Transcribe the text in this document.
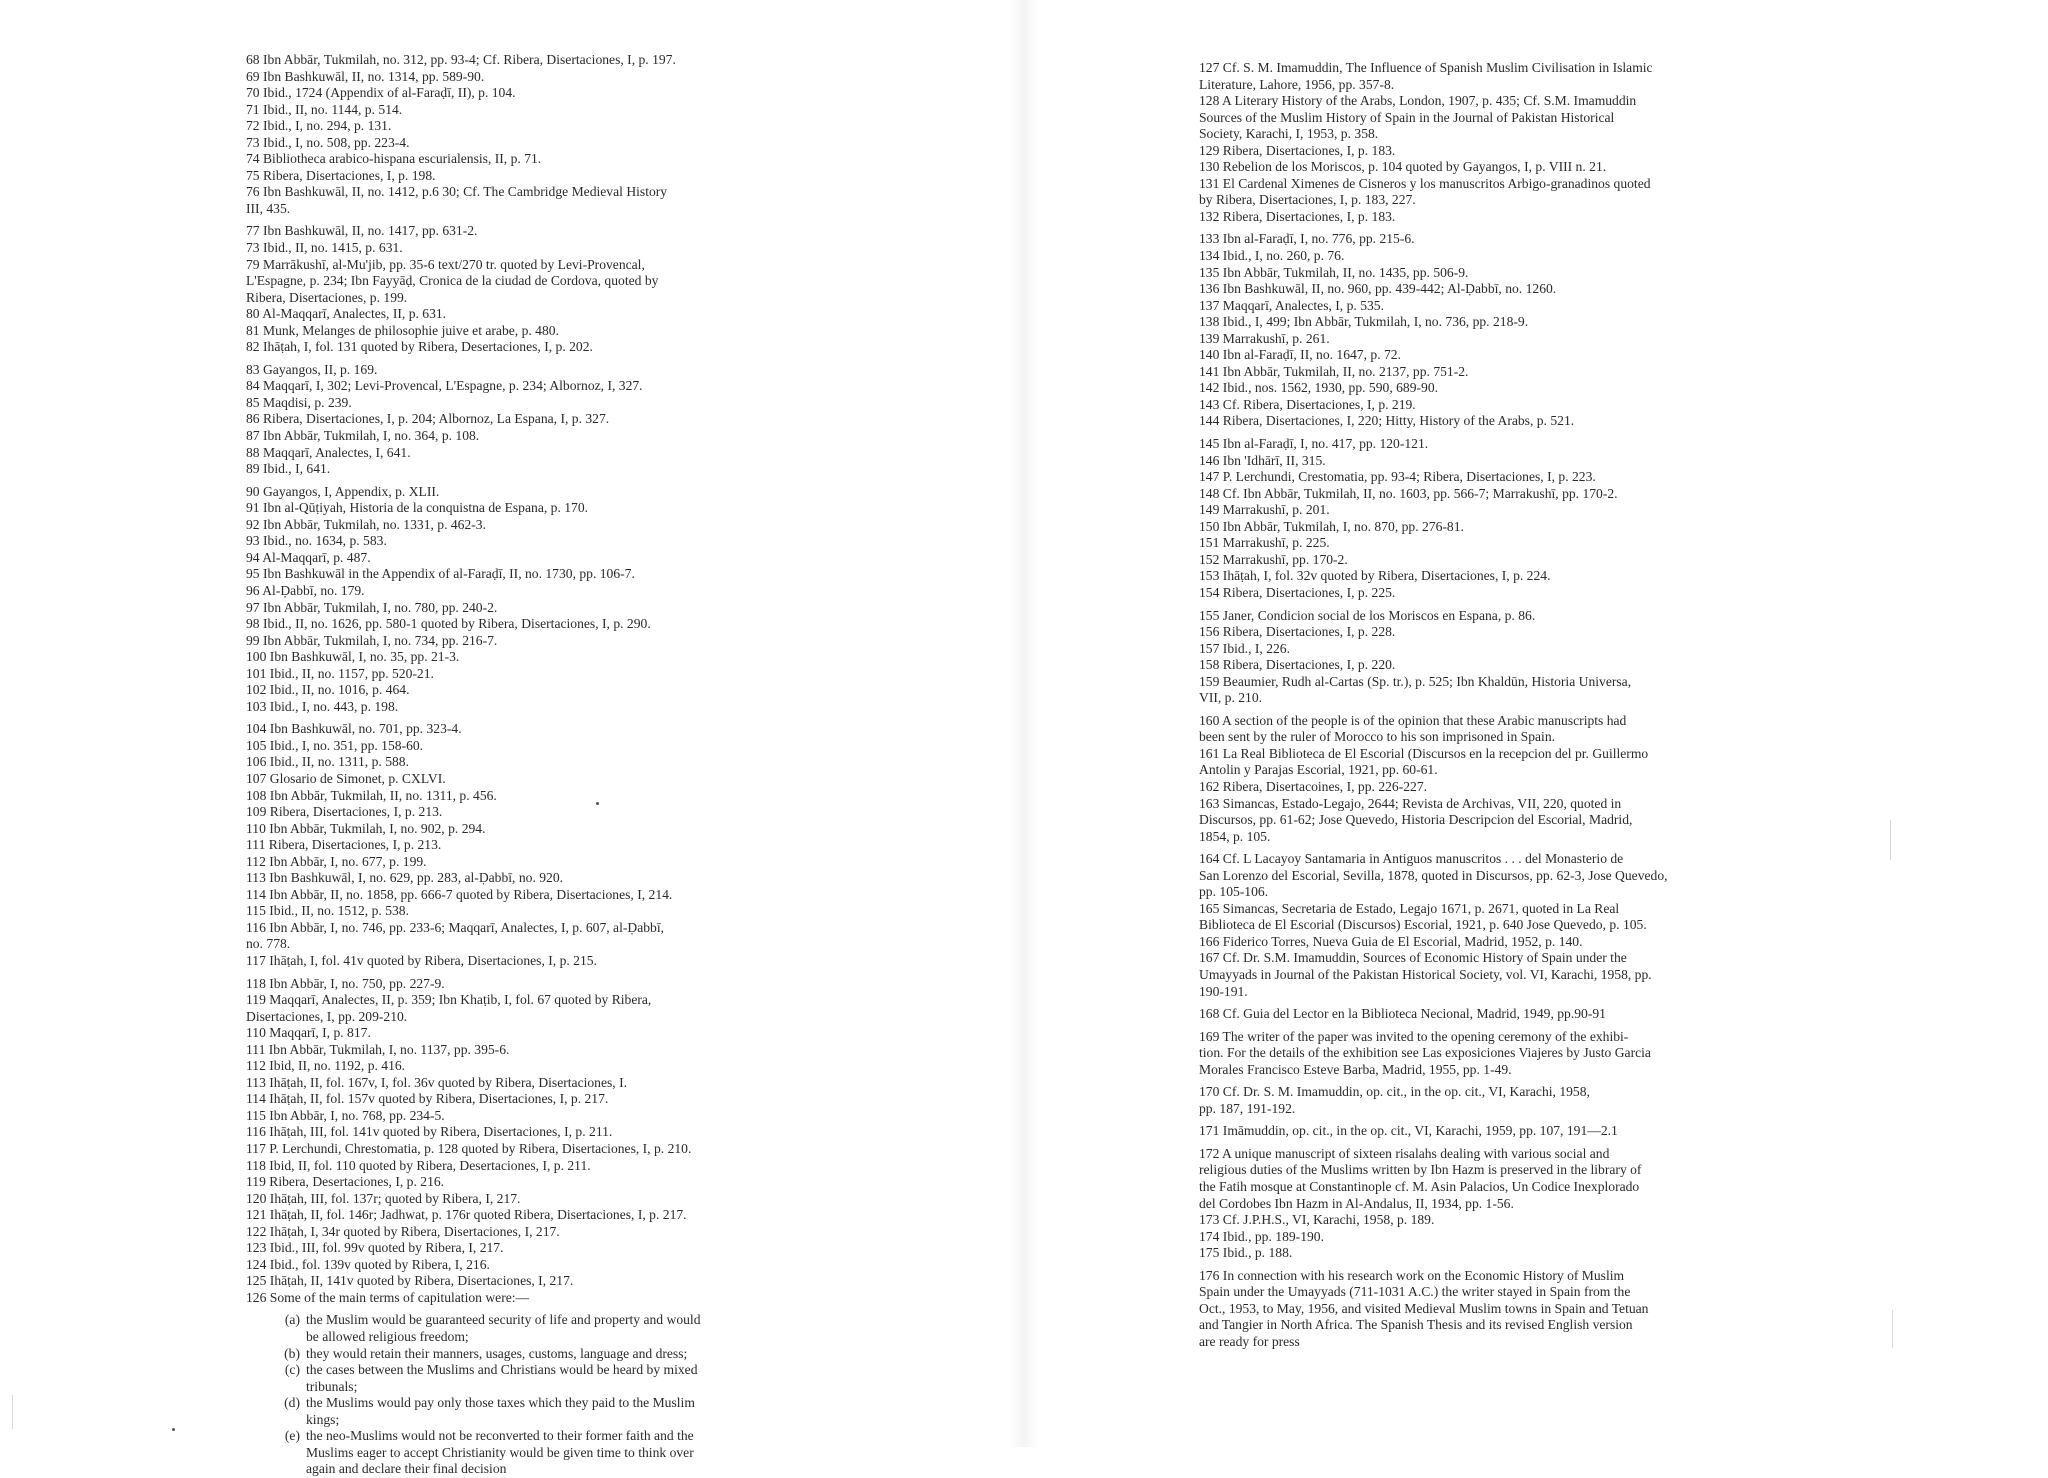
68 Ibn Abbār, Tukmilah, no. 312, pp. 93-4; Cf. Ribera, Disertaciones, I, p. 197.
69 Ibn Bashkuwāl, II, no. 1314, pp. 589-90.
70 Ibid., 1724 (Appendix of al-Faraḍī, II), p. 104.
71 Ibid., II, no. 1144, p. 514.
72 Ibid., I, no. 294, p. 131.
73 Ibid., I, no. 508, pp. 223-4.
74 Bibliotheca arabico-hispana escurialensis, II, p. 71.
75 Ribera, Disertaciones, I, p. 198.
76 Ibn Bashkuwāl, II, no. 1412, p.6 30; Cf. The Cambridge Medieval History
III, 435.
77 Ibn Bashkuwāl, II, no. 1417, pp. 631-2.
73 Ibid., II, no. 1415, p. 631.
79 Marrākushī, al-Mu'jib, pp. 35-6 text/270 tr. quoted by Levi-Provencal,
L'Espagne, p. 234; Ibn Fayyāḍ, Cronica de la ciudad de Cordova, quoted by
Ribera, Disertaciones, p. 199.
80 Al-Maqqarī, Analectes, II, p. 631.
81 Munk, Melanges de philosophie juive et arabe, p. 480.
82 Ihāṭah, I, fol. 131 quoted by Ribera, Desertaciones, I, p. 202.
83 Gayangos, II, p. 169.
84 Maqqarī, I, 302; Levi-Provencal, L'Espagne, p. 234; Albornoz, I, 327.
85 Maqdisi, p. 239.
86 Ribera, Disertaciones, I, p. 204; Albornoz, La Espana, I, p. 327.
87 Ibn Abbār, Tukmilah, I, no. 364, p. 108.
88 Maqqarī, Analectes, I, 641.
89 Ibid., I, 641.
90 Gayangos, I, Appendix, p. XLII.
91 Ibn al-Qūṭiyah, Historia de la conquistna de Espana, p. 170.
92 Ibn Abbār, Tukmilah, no. 1331, p. 462-3.
93 Ibid., no. 1634, p. 583.
94 Al-Maqqarī, p. 487.
95 Ibn Bashkuwāl in the Appendix of al-Faraḍī, II, no. 1730, pp. 106-7.
96 Al-Ḍabbī, no. 179.
97 Ibn Abbār, Tukmilah, I, no. 780, pp. 240-2.
98 Ibid., II, no. 1626, pp. 580-1 quoted by Ribera, Disertaciones, I, p. 290.
99 Ibn Abbār, Tukmilah, I, no. 734, pp. 216-7.
100 Ibn Bashkuwāl, I, no. 35, pp. 21-3.
101 Ibid., II, no. 1157, pp. 520-21.
102 Ibid., II, no. 1016, p. 464.
103 Ibid., I, no. 443, p. 198.
104 Ibn Bashkuwāl, no. 701, pp. 323-4.
105 Ibid., I, no. 351, pp. 158-60.
106 Ibid., II, no. 1311, p. 588.
107 Glosario de Simonet, p. CXLVI.
108 Ibn Abbār, Tukmilah, II, no. 1311, p. 456.
109 Ribera, Disertaciones, I, p. 213.
110 Ibn Abbār, Tukmilah, I, no. 902, p. 294.
111 Ribera, Disertaciones, I, p. 213.
112 Ibn Abbār, I, no. 677, p. 199.
113 Ibn Bashkuwāl, I, no. 629, pp. 283, al-Ḍabbī, no. 920.
114 Ibn Abbār, II, no. 1858, pp. 666-7 quoted by Ribera, Disertaciones, I, 214.
115 Ibid., II, no. 1512, p. 538.
116 Ibn Abbār, I, no. 746, pp. 233-6; Maqqarī, Analectes, I, p. 607, al-Ḍabbī,
no. 778.
117 Ihāṭah, I, fol. 41v quoted by Ribera, Disertaciones, I, p. 215.
118 Ibn Abbār, I, no. 750, pp. 227-9.
119 Maqqarī, Analectes, II, p. 359; Ibn Khaṭib, I, fol. 67 quoted by Ribera,
Disertaciones, I, pp. 209-210.
110 Maqqarī, I, p. 817.
111 Ibn Abbār, Tukmilah, I, no. 1137, pp. 395-6.
112 Ibid, II, no. 1192, p. 416.
113 Ihāṭah, II, fol. 167v, I, fol. 36v quoted by Ribera, Disertaciones, I.
114 Ihāṭah, II, fol. 157v quoted by Ribera, Disertaciones, I, p. 217.
115 Ibn Abbār, I, no. 768, pp. 234-5.
116 Ihāṭah, III, fol. 141v quoted by Ribera, Disertaciones, I, p. 211.
117 P. Lerchundi, Chrestomatia, p. 128 quoted by Ribera, Disertaciones, I, p. 210.
118 Ibid, II, fol. 110 quoted by Ribera, Desertaciones, I, p. 211.
119 Ribera, Desertaciones, I, p. 216.
120 Ihāṭah, III, fol. 137r; quoted by Ribera, I, 217.
121 Ihāṭah, II, fol. 146r; Jadhwat, p. 176r quoted Ribera, Disertaciones, I, p. 217.
122 Ihāṭah, I, 34r quoted by Ribera, Disertaciones, I, 217.
123 Ibid., III, fol. 99v quoted by Ribera, I, 217.
124 Ibid., fol. 139v quoted by Ribera, I, 216.
125 Ihāṭah, II, 141v quoted by Ribera, Disertaciones, I, 217.
126 Some of the main terms of capitulation were:—
(a) the Muslim would be guaranteed security of life and property and would
be allowed religious freedom;
(b) they would retain their manners, usages, customs, language and dress;
(c) the cases between the Muslims and Christians would be heard by mixed
tribunals;
(d) the Muslims would pay only those taxes which they paid to the Muslim
kings;
(e) the neo-Muslims would not be reconverted to their former faith and the
Muslims eager to accept Christianity would be given time to think over
again and declare their final decision
127 Cf. S. M. Imamuddin, The Influence of Spanish Muslim Civilisation in Islamic
Literature, Lahore, 1956, pp. 357-8.
128 A Literary History of the Arabs, London, 1907, p. 435; Cf. S.M. Imamuddin
Sources of the Muslim History of Spain in the Journal of Pakistan Historical
Society, Karachi, I, 1953, p. 358.
129 Ribera, Disertaciones, I, p. 183.
130 Rebelion de los Moriscos, p. 104 quoted by Gayangos, I, p. VIII n. 21.
131 El Cardenal Ximenes de Cisneros y los manuscritos Arbigo-granadinos quoted
by Ribera, Disertaciones, I, p. 183, 227.
132 Ribera, Disertaciones, I, p. 183.
133 Ibn al-Faraḍī, I, no. 776, pp. 215-6.
134 Ibid., I, no. 260, p. 76.
135 Ibn Abbār, Tukmilah, II, no. 1435, pp. 506-9.
136 Ibn Bashkuwāl, II, no. 960, pp. 439-442; Al-Ḍabbī, no. 1260.
137 Maqqarī, Analectes, I, p. 535.
138 Ibid., I, 499; Ibn Abbār, Tukmilah, I, no. 736, pp. 218-9.
139 Marrakushī, p. 261.
140 Ibn al-Faraḍī, II, no. 1647, p. 72.
141 Ibn Abbār, Tukmilah, II, no. 2137, pp. 751-2.
142 Ibid., nos. 1562, 1930, pp. 590, 689-90.
143 Cf. Ribera, Disertaciones, I, p. 219.
144 Ribera, Disertaciones, I, 220; Hitty, History of the Arabs, p. 521.
145 Ibn al-Faraḍī, I, no. 417, pp. 120-121.
146 Ibn 'Idhārī, II, 315.
147 P. Lerchundi, Crestomatia, pp. 93-4; Ribera, Disertaciones, I, p. 223.
148 Cf. Ibn Abbār, Tukmilah, II, no. 1603, pp. 566-7; Marrakushī, pp. 170-2.
149 Marrakushī, p. 201.
150 Ibn Abbār, Tukmilah, I, no. 870, pp. 276-81.
151 Marrakushī, p. 225.
152 Marrakushī, pp. 170-2.
153 Ihāṭah, I, fol. 32v quoted by Ribera, Disertaciones, I, p. 224.
154 Ribera, Disertaciones, I, p. 225.
155 Janer, Condicion social de los Moriscos en Espana, p. 86.
156 Ribera, Disertaciones, I, p. 228.
157 Ibid., I, 226.
158 Ribera, Disertaciones, I, p. 220.
159 Beaumier, Rudh al-Cartas (Sp. tr.), p. 525; Ibn Khaldūn, Historia Universa,
VII, p. 210.
160 A section of the people is of the opinion that these Arabic manuscripts had
been sent by the ruler of Morocco to his son imprisoned in Spain.
161 La Real Biblioteca de El Escorial (Discursos en la recepcion del pr. Guillermo
Antolin y Parajas Escorial, 1921, pp. 60-61.
162 Ribera, Disertacoines, I, pp. 226-227.
163 Simancas, Estado-Legajo, 2644; Revista de Archivas, VII, 220, quoted in
Discursos, pp. 61-62; Jose Quevedo, Historia Descripcion del Escorial, Madrid,
1854, p. 105.
164 Cf. L Lacayoy Santamaria in Antiguos manuscritos . . . del Monasterio de
San Lorenzo del Escorial, Sevilla, 1878, quoted in Discursos, pp. 62-3, Jose Quevedo,
pp. 105-106.
165 Simancas, Secretaria de Estado, Legajo 1671, p. 2671, quoted in La Real
Biblioteca de El Escorial (Discursos) Escorial, 1921, p. 640 Jose Quevedo, p. 105.
166 Fiderico Torres, Nueva Guia de El Escorial, Madrid, 1952, p. 140.
167 Cf. Dr. S.M. Imamuddin, Sources of Economic History of Spain under the
Umayyads in Journal of the Pakistan Historical Society, vol. VI, Karachi, 1958, pp.
190-191.
168 Cf. Guia del Lector en la Biblioteca Necional, Madrid, 1949, pp.90-91
169 The writer of the paper was invited to the opening ceremony of the exhibi-
tion. For the details of the exhibition see Las exposiciones Viajeres by Justo Garcia
Morales Francisco Esteve Barba, Madrid, 1955, pp. 1-49.
170 Cf. Dr. S. M. Imamuddin, op. cit., in the op. cit., VI, Karachi, 1958,
pp. 187, 191-192.
171 Imāmuddin, op. cit., in the op. cit., VI, Karachi, 1959, pp. 107, 191—2.1
172 A unique manuscript of sixteen risalahs dealing with various social and
religious duties of the Muslims written by Ibn Hazm is preserved in the library of
the Fatih mosque at Constantinople cf. M. Asin Palacios, Un Codice Inexplorado
del Cordobes Ibn Hazm in Al-Andalus, II, 1934, pp. 1-56.
173 Cf. J.P.H.S., VI, Karachi, 1958, p. 189.
174 Ibid., pp. 189-190.
175 Ibid., p. 188.
176 In connection with his research work on the Economic History of Muslim
Spain under the Umayyads (711-1031 A.C.) the writer stayed in Spain from the
Oct., 1953, to May, 1956, and visited Medieval Muslim towns in Spain and Tetuan
and Tangier in North Africa. The Spanish Thesis and its revised English version
are ready for press
